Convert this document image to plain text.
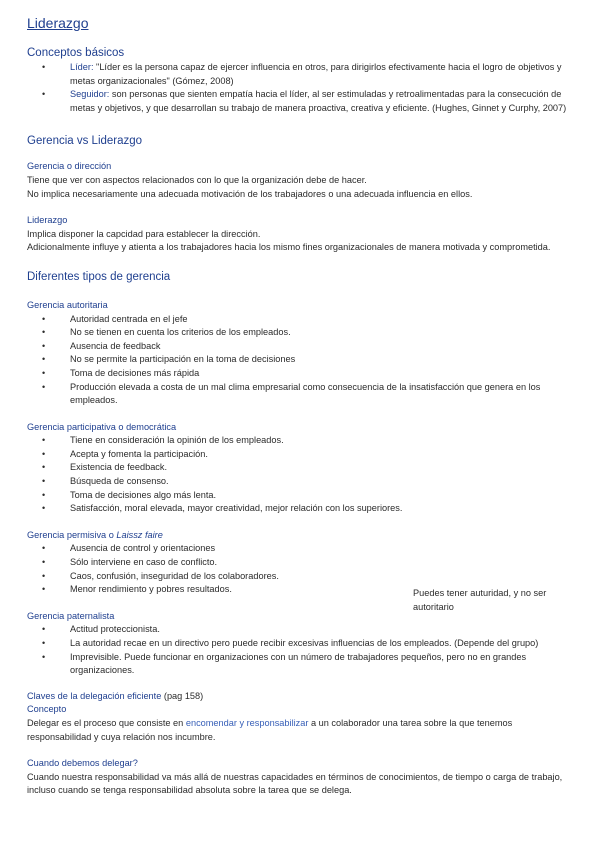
Liderazgo
Conceptos básicos
•	Líder: "Líder es la persona capaz de ejercer influencia en otros, para dirigirlos efectivamente hacia el logro de objetivos y metas organizacionales" (Gómez, 2008)
•	Seguidor: son personas que sienten empatía hacia el líder, al ser estimuladas y retroalimentadas para la consecución de metas y objetivos, y que desarrollan su trabajo de manera proactiva, creativa y eficiente. (Hughes, Ginnet y Curphy, 2007)
Gerencia vs Liderazgo
Gerencia o dirección
Tiene que ver con aspectos relacionados con lo que la organización debe de hacer.
No implica necesariamente una adecuada motivación de los trabajadores o una adecuada influencia en ellos.
Liderazgo
Implica disponer la capcidad para establecer la dirección.
Adicionalmente influye y atienta a los trabajadores hacia los mismo fines organizacionales de manera motivada y comprometida.
Diferentes tipos de gerencia
Gerencia autoritaria
•	Autoridad centrada en el jefe
•	No se tienen en cuenta los criterios de los empleados.
•	Ausencia de feedback
•	No se permite la participación en la toma de decisiones
•	Toma de decisiones más rápida
•	Producción elevada a costa de un mal clima empresarial como consecuencia de la insatisfacción que genera en los empleados.
Gerencia participativa o democrática
•	Tiene en consideración la opinión de los empleados.
•	Acepta y fomenta la participación.
•	Existencia de feedback.
•	Búsqueda de consenso.
•	Toma de decisiones algo más lenta.
•	Satisfacción, moral elevada, mayor creatividad, mejor relación con los superiores.
Gerencia permisiva o Laissz faire
•	Ausencia de control y orientaciones
•	Sólo interviene en caso de conflicto.
•	Caos, confusión, inseguridad de los colaboradores.
•	Menor rendimiento y pobres resultados.
Gerencia paternalista
•	Actitud proteccionista.
•	La autoridad recae en un directivo pero puede recibir excesivas influencias de los empleados. (Depende del grupo)
•	Imprevisible. Puede funcionar en organizaciones con un número de trabajadores pequeños, pero no en grandes organizaciones.
Claves de la delegación eficiente (pag 158)
Concepto
Delegar es el proceso que consiste en encomendar y responsabilizar a un colaborador una tarea sobre la que tenemos responsabilidad y cuya relación nos incumbre.
Cuando debemos delegar?
Cuando nuestra responsabilidad va más allá de nuestras capacidades en términos de conocimientos, de tiempo o carga de trabajo, incluso cuando se tenga responsabilidad absoluta sobre la tarea que se delega.
Puedes tener auturidad, y no ser autoritario
